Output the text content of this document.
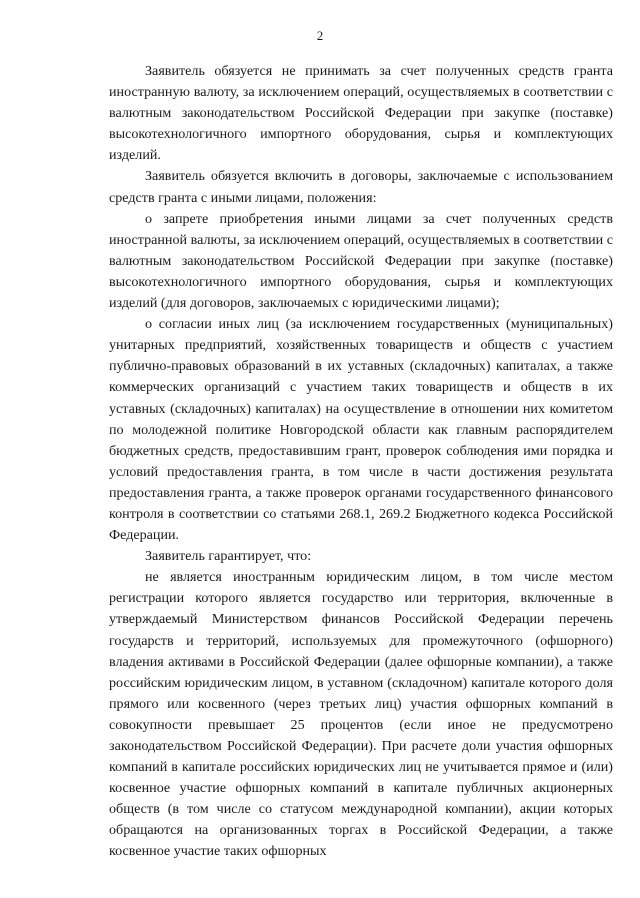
2

Заявитель обязуется не принимать за счет полученных средств гранта иностранную валюту, за исключением операций, осуществляемых в соответствии с валютным законодательством Российской Федерации при закупке (поставке) высокотехнологичного импортного оборудования, сырья и комплектующих изделий.

Заявитель обязуется включить в договоры, заключаемые с использованием средств гранта с иными лицами, положения:

о запрете приобретения иными лицами за счет полученных средств иностранной валюты, за исключением операций, осуществляемых в соответствии с валютным законодательством Российской Федерации при закупке (поставке) высокотехнологичного импортного оборудования, сырья и комплектующих изделий (для договоров, заключаемых с юридическими лицами);

о согласии иных лиц (за исключением государственных (муниципальных) унитарных предприятий, хозяйственных товариществ и обществ с участием публично-правовых образований в их уставных (складочных) капиталах, а также коммерческих организаций с участием таких товариществ и обществ в их уставных (складочных) капиталах) на осуществление в отношении них комитетом по молодежной политике Новгородской области как главным распорядителем бюджетных средств, предоставившим грант, проверок соблюдения ими порядка и условий предоставления гранта, в том числе в части достижения результата предоставления гранта, а также проверок органами государственного финансового контроля в соответствии со статьями 268.1, 269.2 Бюджетного кодекса Российской Федерации.

Заявитель гарантирует, что:

не является иностранным юридическим лицом, в том числе местом регистрации которого является государство или территория, включенные в утверждаемый Министерством финансов Российской Федерации перечень государств и территорий, используемых для промежуточного (офшорного) владения активами в Российской Федерации (далее офшорные компании), а также российским юридическим лицом, в уставном (складочном) капитале которого доля прямого или косвенного (через третьих лиц) участия офшорных компаний в совокупности превышает 25 процентов (если иное не предусмотрено законодательством Российской Федерации). При расчете доли участия офшорных компаний в капитале российских юридических лиц не учитывается прямое и (или) косвенное участие офшорных компаний в капитале публичных акционерных обществ (в том числе со статусом международной компании), акции которых обращаются на организованных торгах в Российской Федерации, а также косвенное участие таких офшорных
